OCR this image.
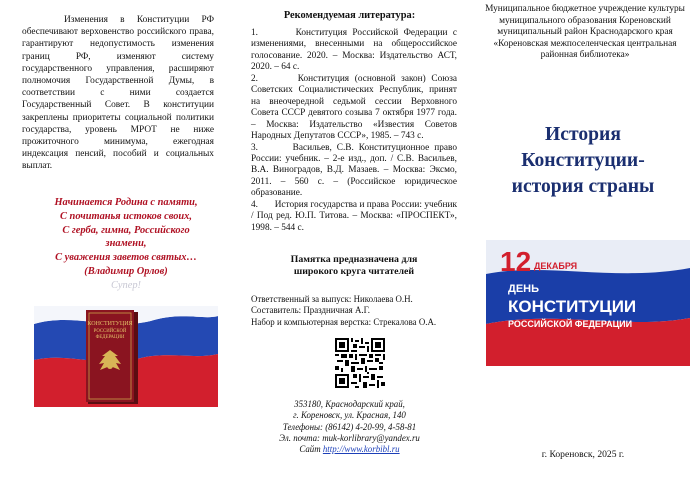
Изменения в Конституции РФ обеспечивают верховенство российского права, гарантируют недопустимость изменения границ РФ, изменяют систему государственного управления, расширяют полномочия Государственной Думы, в соответствии с ними создается Государственный Совет. В конституции закреплены приоритеты социальной политики государства, уровень МРОТ не ниже прожиточного минимума, ежегодная индексация пенсий, пособий и социальных выплат.

Начинается Родина с памяти,
С почитанья истоков своих,
С герба, гимна, Российского
знамени,
С уважения заветов святых…
(Владимир Орлов)
Супер!
КОНСТИТУЦИЯ
РОССИЙСКОЙ
ФЕДЕРАЦИИ
Рекомендуемая литература:
1.       Конституция Российской Федерации с изменениями, внесенными на общероссийское голосование. 2020. – Москва: Издательство АСТ, 2020. – 64 с.
2.       Конституция (основной закон) Союза Советских Социалистических Республик, принят на внеочередной седьмой сессии Верховного Совета СССР девятого созыва 7 октября 1977 года. – Москва: Издательство «Известия Советов Народных Депутатов СССР», 1985. – 743 с.
3.       Васильев, С.В. Конституционное право России: учебник. – 2-е изд., доп. / С.В. Васильев, В.А. Виноградов, В.Д. Мазаев. – Москва: Эксмо, 2011. – 560 с. – (Российское юридическое образование.
4.       История государства и права России: учебник / Под ред. Ю.П. Титова. – Москва: «ПРОСПЕКТ», 1998. – 544 с.
Памятка предназначена для
широкого круга читателей
Ответственный за выпуск: Николаева О.Н.
Составитель: Праздничная А.Г.
Набор и компьютерная верстка: Стрекалова О.А.
353180, Краснодарский край,
г. Кореновск, ул. Красная, 140
Телефоны: (86142) 4-20-99, 4-58-81
Эл. почта: muk-korlibrary@yandex.ru
Сайт http://www.korbibl.ru

Муниципальное бюджетное учреждение культуры муниципального образования Кореновский муниципальный район Краснодарского края «Кореновская межпоселенческая центральная районная библиотека»

История
Конституции-
история страны
12 ДЕКАБРЯ
ДЕНЬ
КОНСТИТУЦИИ
РОССИЙСКОЙ ФЕДЕРАЦИИ
г. Кореновск, 2025 г.
